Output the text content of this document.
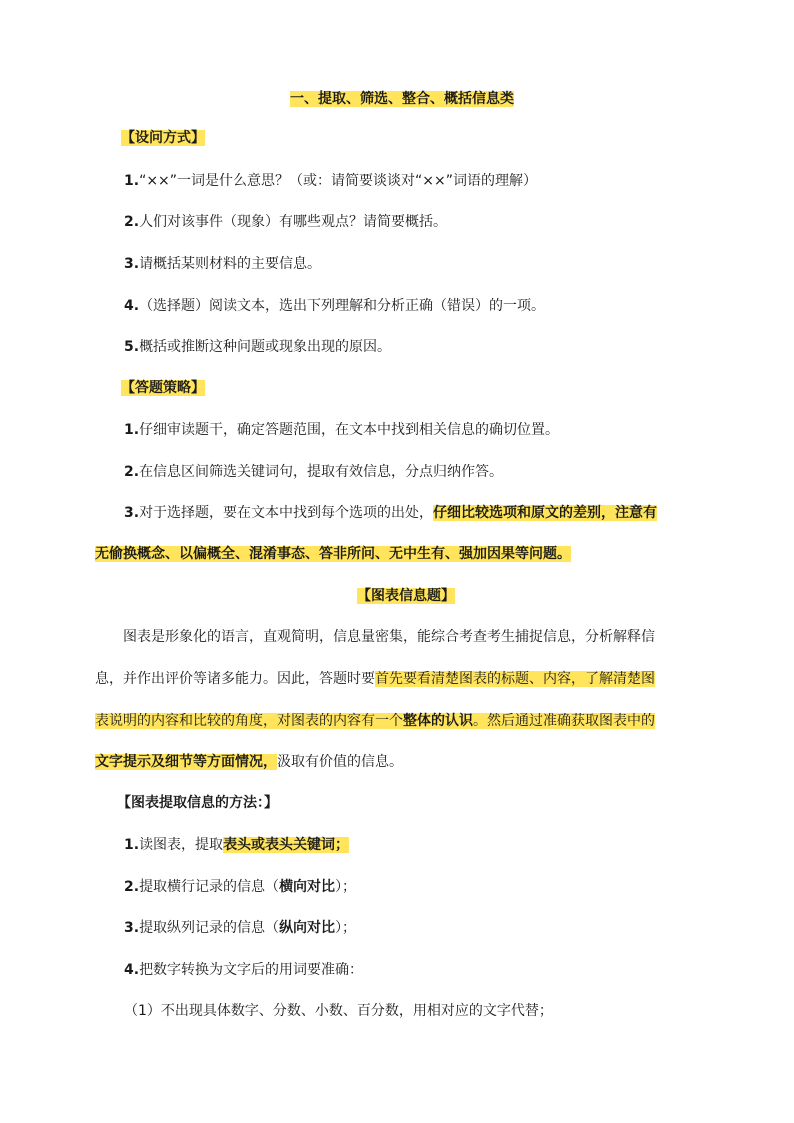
一、提取、筛选、整合、概括信息类
【设问方式】
1.“××”一词是什么意思？（或：请简要谈谈对“××”词语的理解）
2.人们对该事件（现象）有哪些观点？请简要概括。
3.请概括某则材料的主要信息。
4.（选择题）阅读文本，选出下列理解和分析正确（错误）的一项。
5.概括或推断这种问题或现象出现的原因。
【答题策略】
1.仔细审读题干，确定答题范围，在文本中找到相关信息的确切位置。
2.在信息区间筛选关键词句，提取有效信息，分点归纳作答。
3.对于选择题，要在文本中找到每个选项的出处，仔细比较选项和原文的差别，注意有
无偷换概念、以偏概全、混淆事态、答非所问、无中生有、强加因果等问题。
【图表信息题】
图表是形象化的语言，直观简明，信息量密集，能综合考查考生捕捉信息，分析解释信
息，并作出评价等诸多能力。因此，答题时要首先要看清楚图表的标题、内容，了解清楚图
表说明的内容和比较的角度，对图表的内容有一个整体的认识。然后通过准确获取图表中的
文字提示及细节等方面情况，汲取有价值的信息。
【图表提取信息的方法：】
1.读图表，提取表头或表头关键词；
2.提取横行记录的信息（横向对比）；
3.提取纵列记录的信息（纵向对比）；
4.把数字转换为文字后的用词要准确：
（1）不出现具体数字、分数、小数、百分数，用相对应的文字代替；
